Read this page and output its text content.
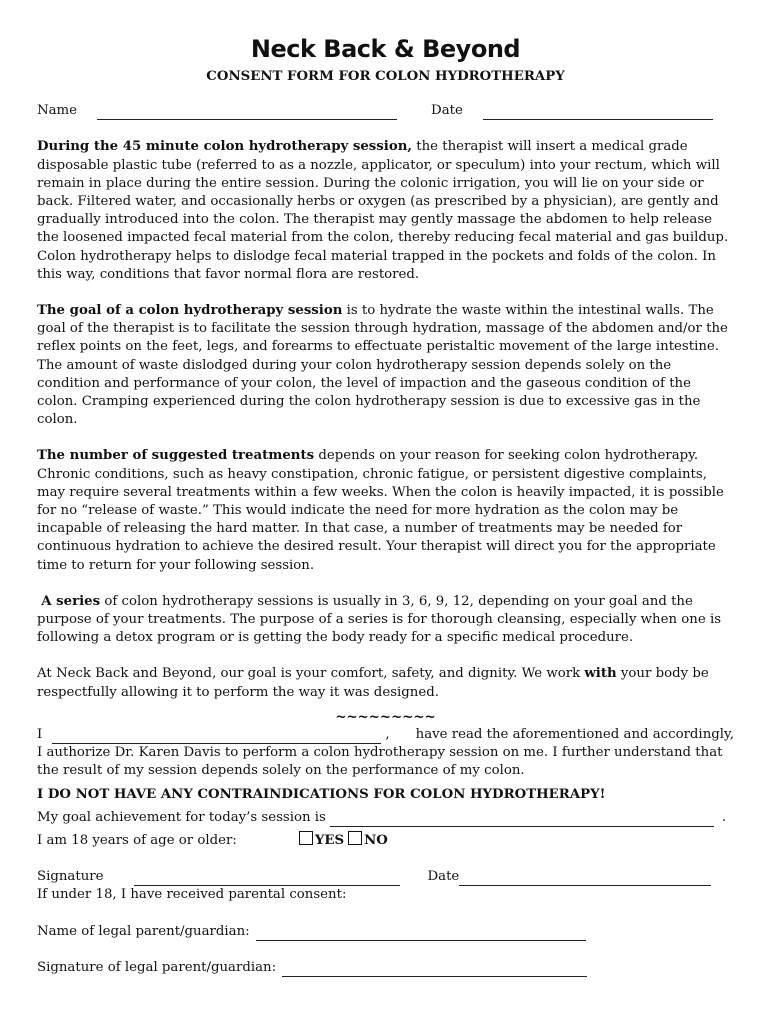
Neck Back & Beyond
CONSENT FORM FOR COLON HYDROTHERAPY
Name	Date

During the 45 minute colon hydrotherapy session, the therapist will insert a medical grade disposable plastic tube (referred to as a nozzle, applicator, or speculum) into your rectum, which will remain in place during the entire session. During the colonic irrigation, you will lie on your side or back. Filtered water, and occasionally herbs or oxygen (as prescribed by a physician), are gently and gradually introduced into the colon. The therapist may gently massage the abdomen to help release the loosened impacted fecal material from the colon, thereby reducing fecal material and gas buildup. Colon hydrotherapy helps to dislodge fecal material trapped in the pockets and folds of the colon. In this way, conditions that favor normal flora are restored.

The goal of a colon hydrotherapy session is to hydrate the waste within the intestinal walls. The goal of the therapist is to facilitate the session through hydration, massage of the abdomen and/or the reflex points on the feet, legs, and forearms to effectuate peristaltic movement of the large intestine. The amount of waste dislodged during your colon hydrotherapy session depends solely on the condition and performance of your colon, the level of impaction and the gaseous condition of the colon. Cramping experienced during the colon hydrotherapy session is due to excessive gas in the colon.

The number of suggested treatments depends on your reason for seeking colon hydrotherapy. Chronic conditions, such as heavy constipation, chronic fatigue, or persistent digestive complaints, may require several treatments within a few weeks. When the colon is heavily impacted, it is possible for no “release of waste.” This would indicate the need for more hydration as the colon may be incapable of releasing the hard matter. In that case, a number of treatments may be needed for continuous hydration to achieve the desired result. Your therapist will direct you for the appropriate time to return for your following session.

A series of colon hydrotherapy sessions is usually in 3, 6, 9, 12, depending on your goal and the purpose of your treatments. The purpose of a series is for thorough cleansing, especially when one is following a detox program or is getting the body ready for a specific medical procedure.

At Neck Back and Beyond, our goal is your comfort, safety, and dignity. We work with your body be respectfully allowing it to perform the way it was designed.

~~~~~~~~~
I	, have read the aforementioned and accordingly,

I authorize Dr. Karen Davis to perform a colon hydrotherapy session on me. I further understand that the result of my session depends solely on the performance of my colon.

I DO NOT HAVE ANY CONTRAINDICATIONS FOR COLON HYDROTHERAPY!
My goal achievement for today’s session is	.
I am 18 years of age or older:	YES	NO
Signature	Date
If under 18, I have received parental consent:
Name of legal parent/guardian:
Signature of legal parent/guardian:
